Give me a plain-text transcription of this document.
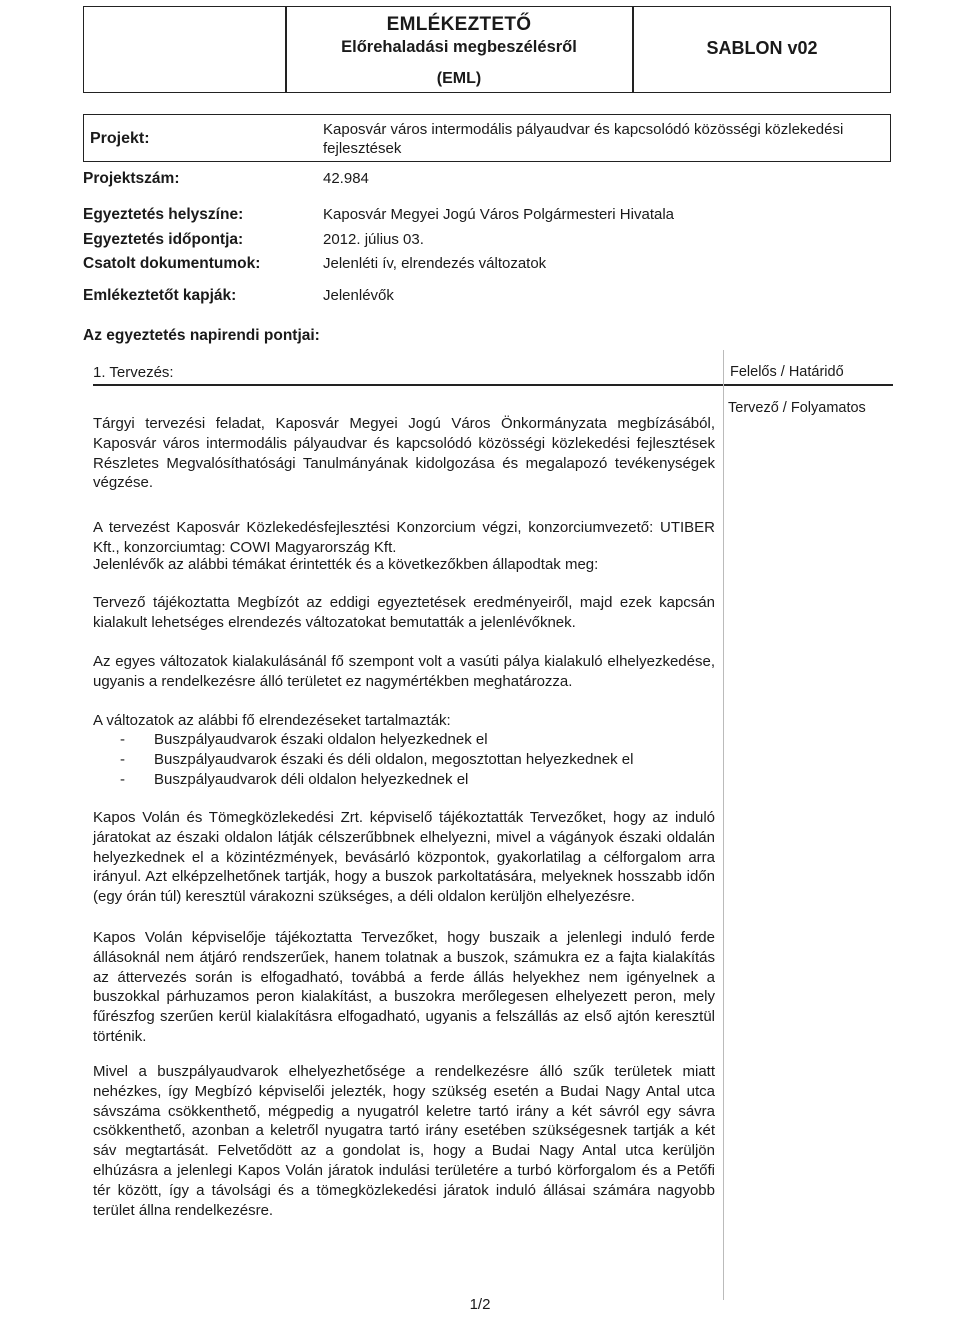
EMLÉKEZTETŐ
Előrehaladási megbeszélésről
(EML)
SABLON v02
Projekt:
Kaposvár város intermodális pályaudvar és kapcsolódó közösségi közlekedési fejlesztések
Projektszám:	42.984
Egyeztetés helyszíne:	Kaposvár Megyei Jogú Város Polgármesteri Hivatala
Egyeztetés időpontja:	2012. július 03.
Csatolt dokumentumok:	Jelenléti ív, elrendezés változatok
Emlékeztetőt kapják:	Jelenlévők
Az egyeztetés napirendi pontjai:
1. Tervezés:	Felelős / Határidő
Tervező / Folyamatos

Tárgyi tervezési feladat, Kaposvár Megyei Jogú Város Önkormányzata megbízásából, Kaposvár város intermodális pályaudvar és kapcsolódó közösségi közlekedési fejlesztések Részletes Megvalósíthatósági Tanulmányának kidolgozása és megalapozó tevékenységek végzése.

A tervezést Kaposvár Közlekedésfejlesztési Konzorcium végzi, konzorciumvezető: UTIBER Kft., konzorciumtag: COWI Magyarország Kft.

Jelenlévők az alábbi témákat érintették és a következőkben állapodtak meg:

Tervező tájékoztatta Megbízót az eddigi egyeztetések eredményeiről, majd ezek kapcsán kialakult lehetséges elrendezés változatokat bemutatták a jelenlévőknek.

Az egyes változatok kialakulásánál fő szempont volt a vasúti pálya kialakuló elhelyezkedése, ugyanis a rendelkezésre álló területet ez nagymértékben meghatározza.

A változatok az alábbi fő elrendezéseket tartalmazták:

- Buszpályaudvarok északi oldalon helyezkednek el
- Buszpályaudvarok északi és déli oldalon, megosztottan helyezkednek el
- Buszpályaudvarok déli oldalon helyezkednek el

Kapos Volán és Tömegközlekedési Zrt. képviselő tájékoztatták Tervezőket, hogy az induló járatokat az északi oldalon látják célszerűbbnek elhelyezni, mivel a vágányok északi oldalán helyezkednek el a közintézmények, bevásárló központok, gyakorlatilag a célforgalom arra irányul. Azt elképzelhetőnek tartják, hogy a buszok parkoltatására, melyeknek hosszabb időn (egy órán túl) keresztül várakozni szükséges, a déli oldalon kerüljön elhelyezésre.

Kapos Volán képviselője tájékoztatta Tervezőket, hogy buszaik a jelenlegi induló ferde állásoknál nem átjáró rendszerűek, hanem tolatnak a buszok, számukra ez a fajta kialakítás az áttervezés során is elfogadható, továbbá a ferde állás helyekhez nem igényelnek a buszokkal párhuzamos peron kialakítást, a buszokra merőlegesen elhelyezett peron, mely fűrészfog szerűen kerül kialakításra elfogadható, ugyanis a felszállás az első ajtón keresztül történik.

Mivel a buszpályaudvarok elhelyezhetősége a rendelkezésre álló szűk területek miatt nehézkes, így Megbízó képviselői jelezték, hogy szükség esetén a Budai Nagy Antal utca sávszáma csökkenthető, mégpedig a nyugatról keletre tartó irány a két sávról egy sávra csökkenthető, azonban a keletről nyugatra tartó irány esetében szükségesnek tartják a két sáv megtartását. Felvetődött az a gondolat is, hogy a Budai Nagy Antal utca kerüljön elhúzásra a jelenlegi Kapos Volán járatok indulási területére a turbó körforgalom és a Petőfi tér között, így a távolsági és a tömegközlekedési járatok induló állásai számára nagyobb terület állna rendelkezésre.

1/2
